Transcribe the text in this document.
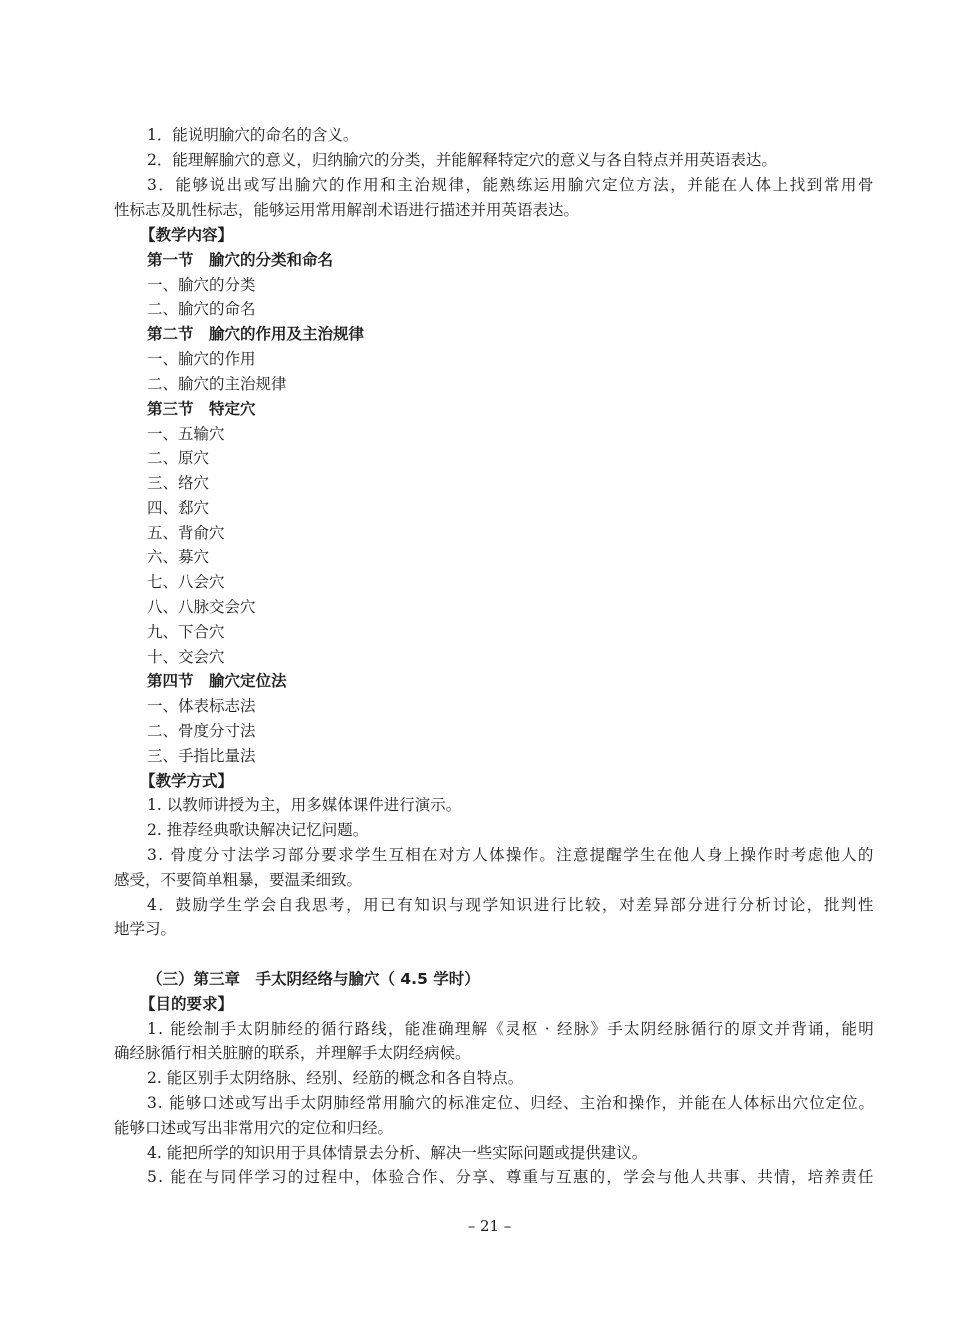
1．能说明腧穴的命名的含义。
2．能理解腧穴的意义，归纳腧穴的分类，并能解释特定穴的意义与各自特点并用英语表达。
3 ． 能 够 说 出 或 写 出 腧 穴 的 作 用 和 主 治 规 律 ， 能 熟 练 运 用 腧 穴 定 位 方 法 ， 并 能 在 人 体 上 找 到 常 用 骨
性标志及肌性标志，能够运用常用解剖术语进行描述并用英语表达。
【教学内容】
第一节　腧穴的分类和命名
一、腧穴的分类
二、腧穴的命名
第二节　腧穴的作用及主治规律
一、腧穴的作用
二、腧穴的主治规律
第三节　特定穴
一、五输穴
二、原穴
三、络穴
四、郄穴
五、背俞穴
六、募穴
七、八会穴
八、八脉交会穴
九、下合穴
十、交会穴
第四节　腧穴定位法
一、体表标志法
二、骨度分寸法
三、手指比量法
【教学方式】
1. 以教师讲授为主，用多媒体课件进行演示。
2. 推荐经典歌诀解决记忆问题。
3 .
骨 度 分 寸 法 学 习 部 分 要 求 学 生 互 相 在 对 方 人 体 操 作 。 注 意 提 醒 学 生 在 他 人 身 上 操 作 时 考 虑 他 人 的
感受，不要简单粗暴，要温柔细致。
4 ． 鼓 励 学 生 学 会 自 我 思 考 ， 用 已 有 知 识 与 现 学 知 识 进 行 比 较 ， 对 差 异 部 分 进 行 分 析 讨 论 ， 批 判 性
地学习。
（三）第三章　手太阴经络与腧穴（ 4.5 学时）
【目的要求】
1 .
能 绘 制 手 太 阴 肺 经 的 循 行 路 线 ， 能 准 确 理 解 《 灵 枢
·
经 脉 》 手 太 阴 经 脉 循 行 的 原 文 并 背 诵 ， 能 明
确经脉循行相关脏腑的联系，并理解手太阴经病候。
2. 能区别手太阴络脉、经别、经筋的概念和各自特点。
3 .
能 够 口 述 或 写 出 手 太 阴 肺 经 常 用 腧 穴 的 标 准 定 位 、 归 经 、 主 治 和 操 作 ， 并 能 在 人 体 标 出 穴 位 定 位 。
能够口述或写出非常用穴的定位和归经。
4. 能把所学的知识用于具体情景去分析、解决一些实际问题或提供建议。
5 .
能 在 与 同 伴 学 习 的 过 程 中 ， 体 验 合 作 、 分 享 、 尊 重 与 互 惠 的 ， 学 会 与 他 人 共 事 、 共 情 ， 培 养 责 任
– 21 –
